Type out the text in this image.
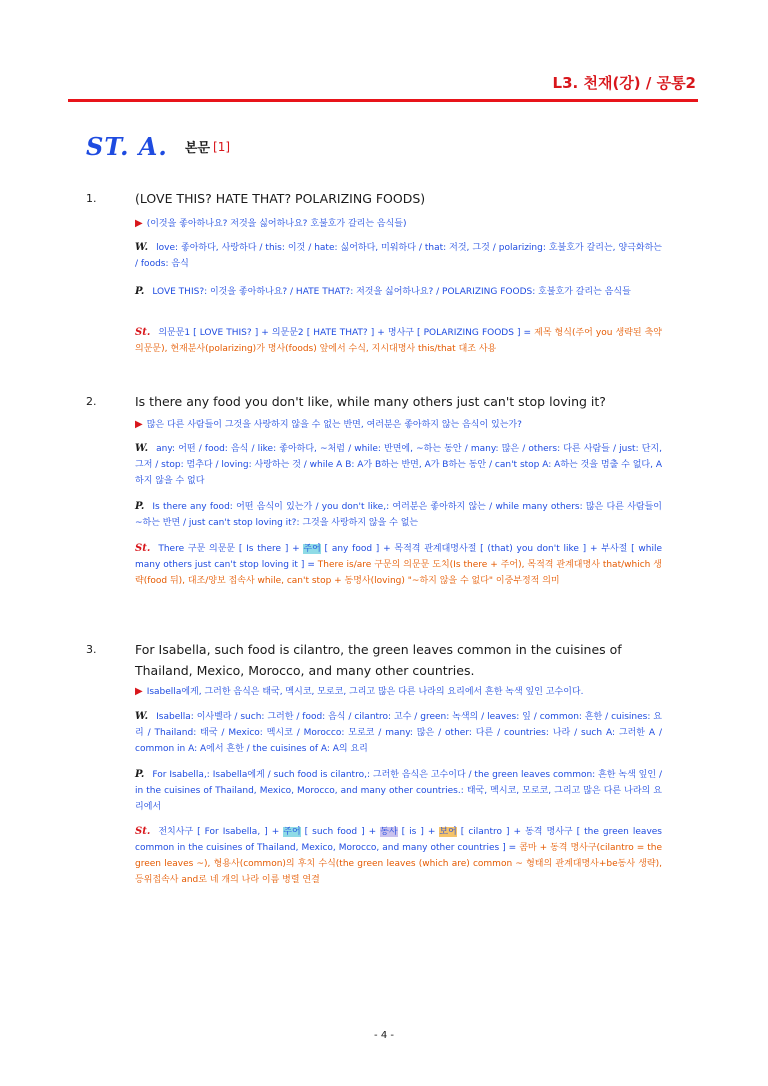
L3. 천재(강) / 공통2
ST. A. 본문 [1]
1.	(LOVE THIS? HATE THAT? POLARIZING FOODS)
▶ (이것을 좋아하나요? 저것을 싫어하나요? 호불호가 갈리는 음식들)
W. love: 좋아하다, 사랑하다 / this: 이것 / hate: 싫어하다, 미워하다 / that: 저것, 그것 / polarizing: 호불호가 갈리는, 양극화하는 / foods: 음식
P. LOVE THIS?: 이것을 좋아하나요? / HATE THAT?: 저것을 싫어하나요? / POLARIZING FOODS: 호불호가 갈리는 음식들
St. 의문문1 [ LOVE THIS? ] + 의문문2 [ HATE THAT? ] + 명사구 [ POLARIZING FOODS ] = 제목 형식(주어 you 생략된 축약 의문문), 현재분사(polarizing)가 명사(foods) 앞에서 수식, 지시대명사 this/that 대조 사용
2.	Is there any food you don't like, while many others just can't stop loving it?
▶ 많은 다른 사람들이 그것을 사랑하지 않을 수 없는 반면, 여러분은 좋아하지 않는 음식이 있는가?
W. any: 어떤 / food: 음식 / like: 좋아하다, ~처럼 / while: 반면에, ~하는 동안 / many: 많은 / others: 다른 사람들 / just: 단지, 그저 / stop: 멈추다 / loving: 사랑하는 것 / while A B: A가 B하는 반면, A가 B하는 동안 / can't stop A: A하는 것을 멈출 수 없다, A하지 않을 수 없다
P. Is there any food: 어떤 음식이 있는가 / you don't like,: 여러분은 좋아하지 않는 / while many others: 많은 다른 사람들이 ~하는 반면 / just can't stop loving it?: 그것을 사랑하지 않을 수 없는
St. There 구문 의문문 [ Is there ] + 주어 [ any food ] + 목적격 관계대명사절 [ (that) you don't like ] + 부사절 [ while many others just can't stop loving it ] = There is/are 구문의 의문문 도치(Is there + 주어), 목적격 관계대명사 that/which 생략(food 뒤), 대조/양보 접속사 while, can't stop + 동명사(loving) "~하지 않을 수 없다" 이중부정적 의미
3.	For Isabella, such food is cilantro, the green leaves common in the cuisines of Thailand, Mexico, Morocco, and many other countries.
▶ Isabella에게, 그러한 음식은 태국, 멕시코, 모로코, 그리고 많은 다른 나라의 요리에서 흔한 녹색 잎인 고수이다.
W. Isabella: 이사벨라 / such: 그러한 / food: 음식 / cilantro: 고수 / green: 녹색의 / leaves: 잎 / common: 흔한 / cuisines: 요리 / Thailand: 태국 / Mexico: 멕시코 / Morocco: 모로코 / many: 많은 / other: 다른 / countries: 나라 / such A: 그러한 A / common in A: A에서 흔한 / the cuisines of A: A의 요리
P. For Isabella,: Isabella에게 / such food is cilantro,: 그러한 음식은 고수이다 / the green leaves common: 흔한 녹색 잎인 / in the cuisines of Thailand, Mexico, Morocco, and many other countries.: 태국, 멕시코, 모로코, 그리고 많은 다른 나라의 요리에서
St. 전치사구 [ For Isabella, ] + 주어 [ such food ] + 동사 [ is ] + 보어 [ cilantro ] + 동격 명사구 [ the green leaves common in the cuisines of Thailand, Mexico, Morocco, and many other countries ] = 콤마 + 동격 명사구(cilantro = the green leaves ~), 형용사(common)의 후치 수식(the green leaves (which are) common ~ 형태의 관계대명사+be동사 생략), 등위접속사 and로 네 개의 나라 이름 병렬 연결
- 4 -
